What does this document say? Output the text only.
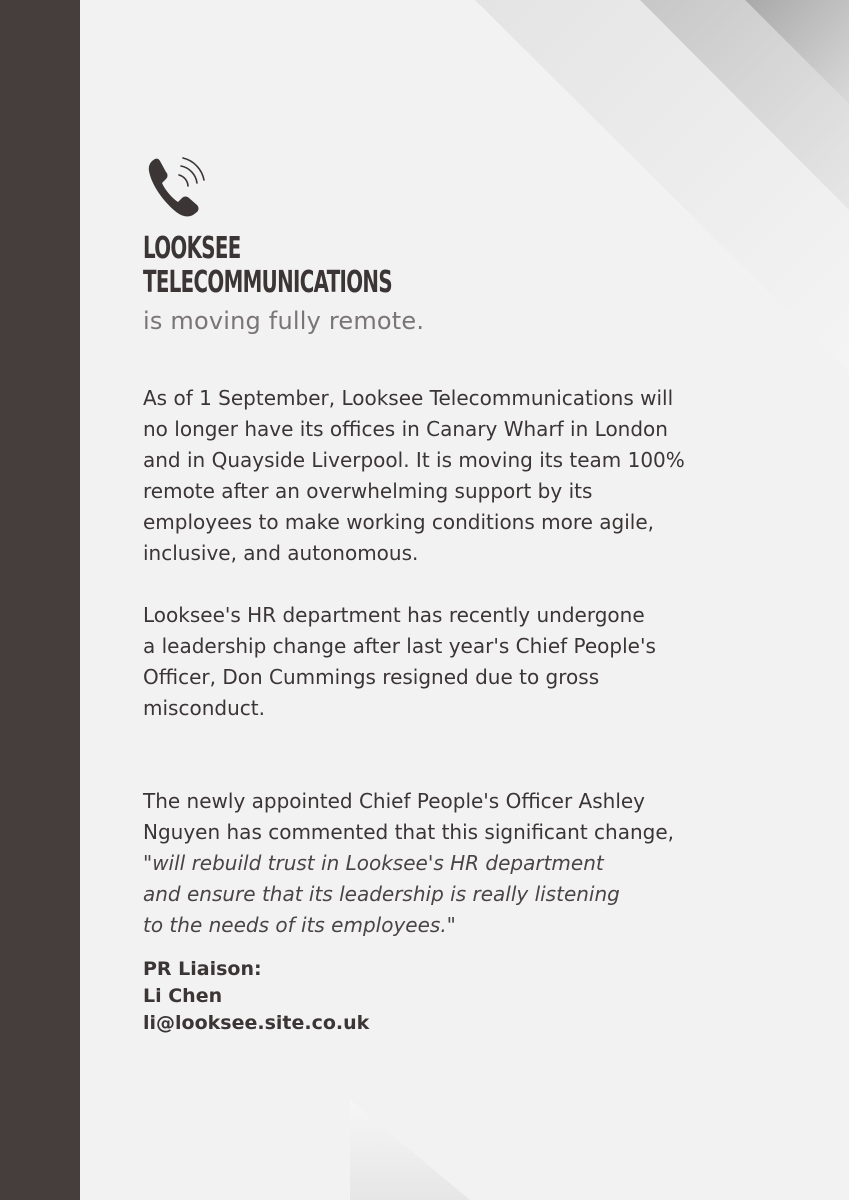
LOOKSEE
TELECOMMUNICATIONS
is moving fully remote.

As of 1 September, Looksee Telecommunications will
no longer have its offices in Canary Wharf in London
and in Quayside Liverpool. It is moving its team 100%
remote after an overwhelming support by its
employees to make working conditions more agile,
inclusive, and autonomous.

Looksee's HR department has recently undergone
a leadership change after last year's Chief People's
Officer, Don Cummings resigned due to gross
misconduct.

The newly appointed Chief People's Officer Ashley
Nguyen has commented that this significant change,
"will rebuild trust in Looksee's HR department
and ensure that its leadership is really listening
to the needs of its employees."

PR Liaison:
Li Chen
li@looksee.site.co.uk
